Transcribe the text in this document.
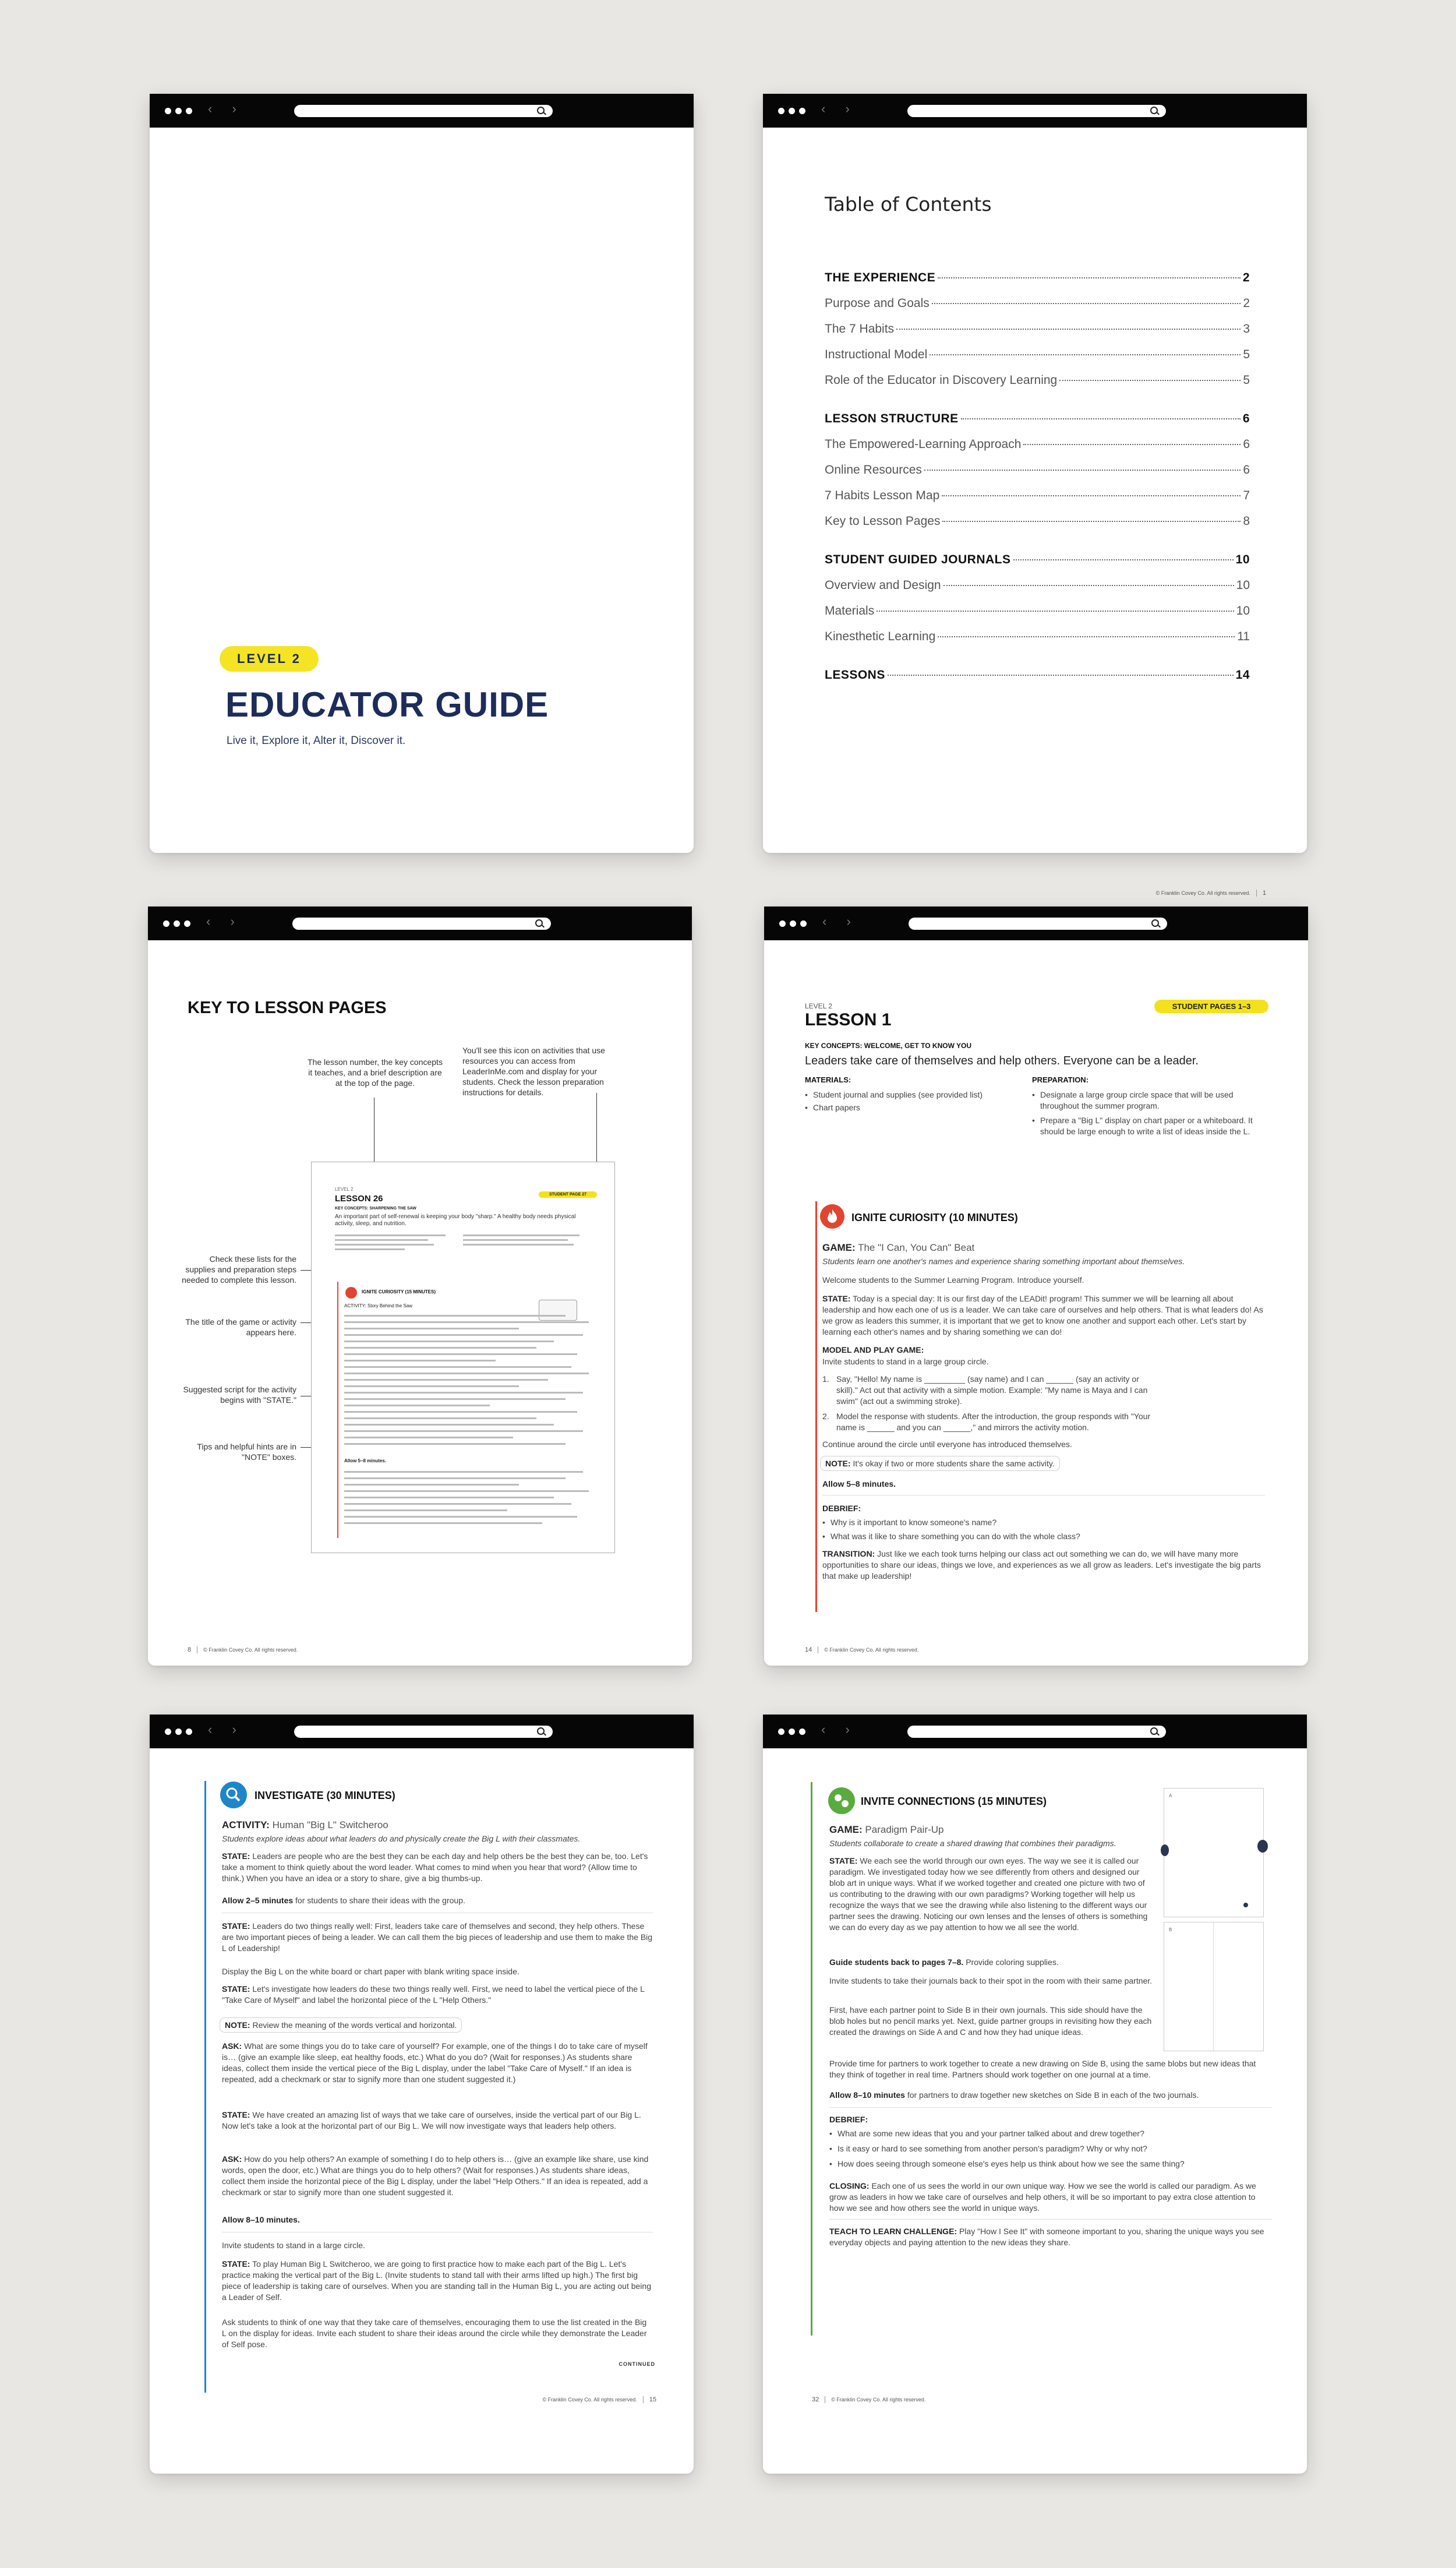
‹ ›
LEVEL 2
EDUCATOR GUIDE
Live it, Explore it, Alter it, Discover it.
‹ ›
Table of Contents
THE EXPERIENCE	2
Purpose and Goals	2
The 7 Habits	3
Instructional Model	5
Role of the Educator in Discovery Learning	5
LESSON STRUCTURE	6
The Empowered-Learning Approach	6
Online Resources	6
7 Habits Lesson Map	7
Key to Lesson Pages	8
STUDENT GUIDED JOURNALS	10
Overview and Design	10
Materials	10
Kinesthetic Learning	11
LESSONS	14
© Franklin Covey Co. All rights reserved. 1
‹ ›
KEY TO LESSON PAGES
The lesson number, the key concepts it teaches, and a brief description are at the top of the page.
You'll see this icon on activities that use resources you can access from LeaderInMe.com and display for your students. Check the lesson preparation instructions for details.
Check these lists for the supplies and preparation steps needed to complete this lesson.
The title of the game or activity appears here.
Suggested script for the activity begins with "STATE."
Tips and helpful hints are in "NOTE" boxes.
LEVEL 2
LESSON 26	STUDENT PAGE 27
KEY CONCEPTS: SHARPENING THE SAW
An important part of self-renewal is keeping your body "sharp." A healthy body needs physical activity, sleep, and nutrition.
IGNITE CURIOSITY (15 MINUTES)
ACTIVITY: Story Behind the Saw
Allow 5–8 minutes.
8 © Franklin Covey Co. All rights reserved.
‹ ›
LEVEL 2	STUDENT PAGES 1–3
LESSON 1
KEY CONCEPTS: WELCOME, GET TO KNOW YOU
Leaders take care of themselves and help others. Everyone can be a leader.
MATERIALS:
• Student journal and supplies (see provided list)
• Chart papers
PREPARATION:
• Designate a large group circle space that will be used throughout the summer program.
• Prepare a "Big L" display on chart paper or a whiteboard. It should be large enough to write a list of ideas inside the L.
IGNITE CURIOSITY (10 MINUTES)
GAME: The "I Can, You Can" Beat
Students learn one another's names and experience sharing something important about themselves.
Welcome students to the Summer Learning Program. Introduce yourself.
STATE: Today is a special day: It is our first day of the LEADit! program! This summer we will be learning all about leadership and how each one of us is a leader. We can take care of ourselves and help others. That is what leaders do! As we grow as leaders this summer, it is important that we get to know one another and support each other. Let's start by learning each other's names and by sharing something we can do!
MODEL AND PLAY GAME:
Invite students to stand in a large group circle.
1. Say, "Hello! My name is _________ (say name) and I can ______ (say an activity or skill)." Act out that activity with a simple motion. Example: "My name is Maya and I can swim" (act out a swimming stroke).
2. Model the response with students. After the introduction, the group responds with "Your name is ______ and you can ______," and mirrors the activity motion.
Continue around the circle until everyone has introduced themselves.
NOTE: It's okay if two or more students share the same activity.
Allow 5–8 minutes.
DEBRIEF:
• Why is it important to know someone's name?
• What was it like to share something you can do with the whole class?
TRANSITION: Just like we each took turns helping our class act out something we can do, we will have many more opportunities to share our ideas, things we love, and experiences as we all grow as leaders. Let's investigate the big parts that make up leadership!
14 © Franklin Covey Co. All rights reserved.
‹ ›
INVESTIGATE (30 MINUTES)
ACTIVITY: Human "Big L" Switcheroo
Students explore ideas about what leaders do and physically create the Big L with their classmates.
STATE: Leaders are people who are the best they can be each day and help others be the best they can be, too. Let's take a moment to think quietly about the word leader. What comes to mind when you hear that word? (Allow time to think.) When you have an idea or a story to share, give a big thumbs-up.
Allow 2–5 minutes for students to share their ideas with the group.
STATE: Leaders do two things really well: First, leaders take care of themselves and second, they help others. These are two important pieces of being a leader. We can call them the big pieces of leadership and use them to make the Big L of Leadership!
Display the Big L on the white board or chart paper with blank writing space inside.
STATE: Let's investigate how leaders do these two things really well. First, we need to label the vertical piece of the L "Take Care of Myself" and label the horizontal piece of the L "Help Others."
NOTE: Review the meaning of the words vertical and horizontal.
ASK: What are some things you do to take care of yourself? For example, one of the things I do to take care of myself is… (give an example like sleep, eat healthy foods, etc.) What do you do? (Wait for responses.) As students share ideas, collect them inside the vertical piece of the Big L display, under the label "Take Care of Myself." If an idea is repeated, add a checkmark or star to signify more than one student suggested it.)
STATE: We have created an amazing list of ways that we take care of ourselves, inside the vertical part of our Big L. Now let's take a look at the horizontal part of our Big L. We will now investigate ways that leaders help others.
ASK: How do you help others? An example of something I do to help others is… (give an example like share, use kind words, open the door, etc.) What are things you do to help others? (Wait for responses.) As students share ideas, collect them inside the horizontal piece of the Big L display, under the label "Help Others." If an idea is repeated, add a checkmark or star to signify more than one student suggested it.
Allow 8–10 minutes.
Invite students to stand in a large circle.
STATE: To play Human Big L Switcheroo, we are going to first practice how to make each part of the Big L. Let's practice making the vertical part of the Big L. (Invite students to stand tall with their arms lifted up high.) The first big piece of leadership is taking care of ourselves. When you are standing tall in the Human Big L, you are acting out being a Leader of Self.
Ask students to think of one way that they take care of themselves, encouraging them to use the list created in the Big L on the display for ideas. Invite each student to share their ideas around the circle while they demonstrate the Leader of Self pose.
CONTINUED
© Franklin Covey Co. All rights reserved. 15
‹ ›
INVITE CONNECTIONS (15 MINUTES)
GAME: Paradigm Pair-Up
Students collaborate to create a shared drawing that combines their paradigms.
STATE: We each see the world through our own eyes. The way we see it is called our paradigm. We investigated today how we see differently from others and designed our blob art in unique ways. What if we worked together and created one picture with two of us contributing to the drawing with our own paradigms? Working together will help us recognize the ways that we see the drawing while also listening to the different ways our partner sees the drawing. Noticing our own lenses and the lenses of others is something we can do every day as we pay attention to how we all see the world.
Guide students back to pages 7–8. Provide coloring supplies.
Invite students to take their journals back to their spot in the room with their same partner.
First, have each partner point to Side B in their own journals. This side should have the blob holes but no pencil marks yet. Next, guide partner groups in revisiting how they each created the drawings on Side A and C and how they had unique ideas.
Provide time for partners to work together to create a new drawing on Side B, using the same blobs but new ideas that they think of together in real time. Partners should work together on one journal at a time.
Allow 8–10 minutes for partners to draw together new sketches on Side B in each of the two journals.
DEBRIEF:
• What are some new ideas that you and your partner talked about and drew together?
• Is it easy or hard to see something from another person's paradigm? Why or why not?
• How does seeing through someone else's eyes help us think about how we see the same thing?
CLOSING: Each one of us sees the world in our own unique way. How we see the world is called our paradigm. As we grow as leaders in how we take care of ourselves and help others, it will be so important to pay extra close attention to how we see and how others see the world in unique ways.
TEACH TO LEARN CHALLENGE: Play "How I See It" with someone important to you, sharing the unique ways you see everyday objects and paying attention to the new ideas they share.
A
B
32 © Franklin Covey Co. All rights reserved.
